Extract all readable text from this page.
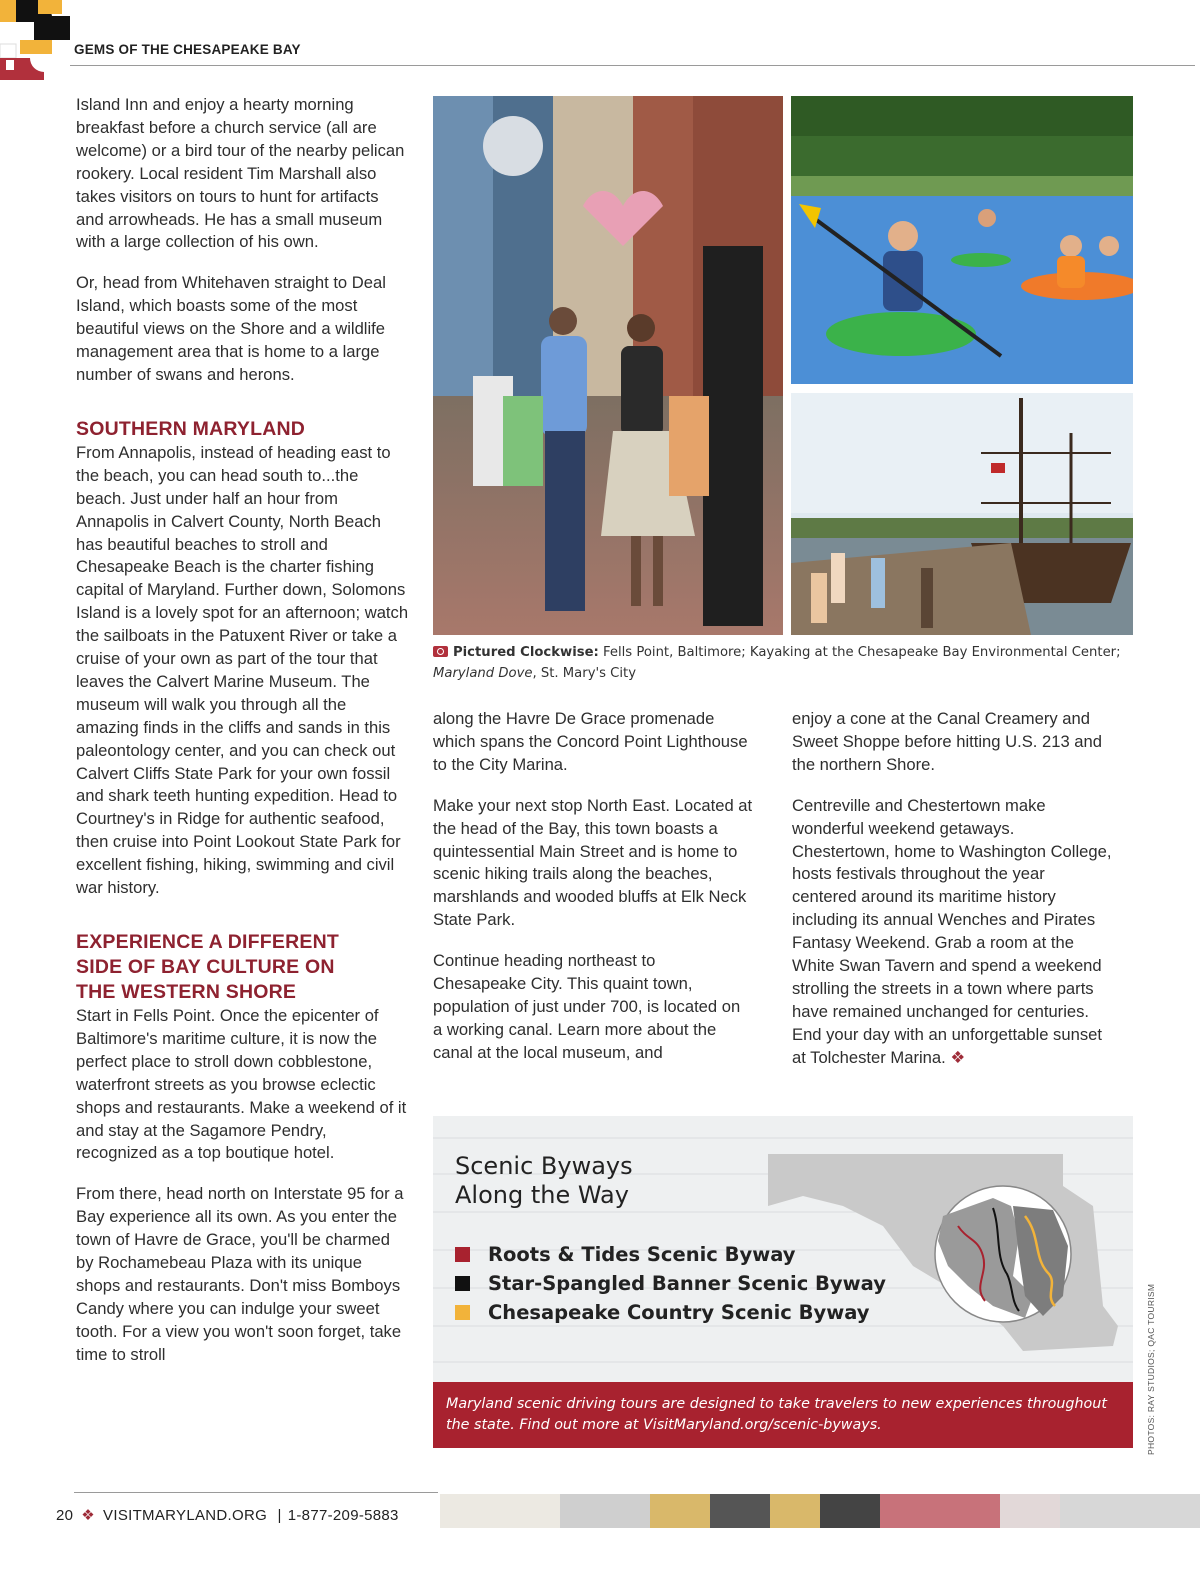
GEMS OF THE CHESAPEAKE BAY

Island Inn and enjoy a hearty morning breakfast before a church service (all are welcome) or a bird tour of the nearby pelican rookery. Local resident Tim Marshall also takes visitors on tours to hunt for artifacts and arrowheads. He has a small museum with a large collection of his own.

Or, head from Whitehaven straight to Deal Island, which boasts some of the most beautiful views on the Shore and a wildlife management area that is home to a large number of swans and herons.

SOUTHERN MARYLAND

From Annapolis, instead of heading east to the beach, you can head south to...the beach. Just under half an hour from Annapolis in Calvert County, North Beach has beautiful beaches to stroll and Chesapeake Beach is the charter fishing capital of Maryland. Further down, Solomons Island is a lovely spot for an afternoon; watch the sailboats in the Patuxent River or take a cruise of your own as part of the tour that leaves the Calvert Marine Museum. The museum will walk you through all the amazing finds in the cliffs and sands in this paleontology center, and you can check out Calvert Cliffs State Park for your own fossil and shark teeth hunting expedition. Head to Courtney's in Ridge for authentic seafood, then cruise into Point Lookout State Park for excellent fishing, hiking, swimming and civil war history.

EXPERIENCE A DIFFERENT
SIDE OF BAY CULTURE ON
THE WESTERN SHORE

Start in Fells Point. Once the epicenter of Baltimore's maritime culture, it is now the perfect place to stroll down cobblestone, waterfront streets as you browse eclectic shops and restaurants. Make a weekend of it and stay at the Sagamore Pendry, recognized as a top boutique hotel.

From there, head north on Interstate 95 for a Bay experience all its own. As you enter the town of Havre de Grace, you'll be charmed by Rochamebeau Plaza with its unique shops and restaurants. Don't miss Bomboys Candy where you can indulge your sweet tooth. For a view you won't soon forget, take time to stroll

Pictured Clockwise: Fells Point, Baltimore; Kayaking at the Chesapeake Bay Environmental Center;
Maryland Dove, St. Mary's City

along the Havre De Grace promenade which spans the Concord Point Lighthouse to the City Marina.

Make your next stop North East. Located at the head of the Bay, this town boasts a quintessential Main Street and is home to scenic hiking trails along the beaches, marshlands and wooded bluffs at Elk Neck State Park.

Continue heading northeast to Chesapeake City. This quaint town, population of just under 700, is located on a working canal. Learn more about the canal at the local museum, and

enjoy a cone at the Canal Creamery and Sweet Shoppe before hitting U.S. 213 and the northern Shore.

Centreville and Chestertown make wonderful weekend getaways. Chestertown, home to Washington College, hosts festivals throughout the year centered around its maritime history including its annual Wenches and Pirates Fantasy Weekend. Grab a room at the White Swan Tavern and spend a weekend strolling the streets in a town where parts have remained unchanged for centuries. End your day with an unforgettable sunset at Tolchester Marina. ❖

Scenic Byways
Along the Way
Roots & Tides Scenic Byway
Star-Spangled Banner Scenic Byway
Chesapeake Country Scenic Byway
Maryland scenic driving tours are designed to take travelers to new experiences throughout the state. Find out more at VisitMaryland.org/scenic-byways.	PHOTOS: RAY STUDIOS; QAC TOURISM
20 ❖ VISITMARYLAND.ORG | 1-877-209-5883
